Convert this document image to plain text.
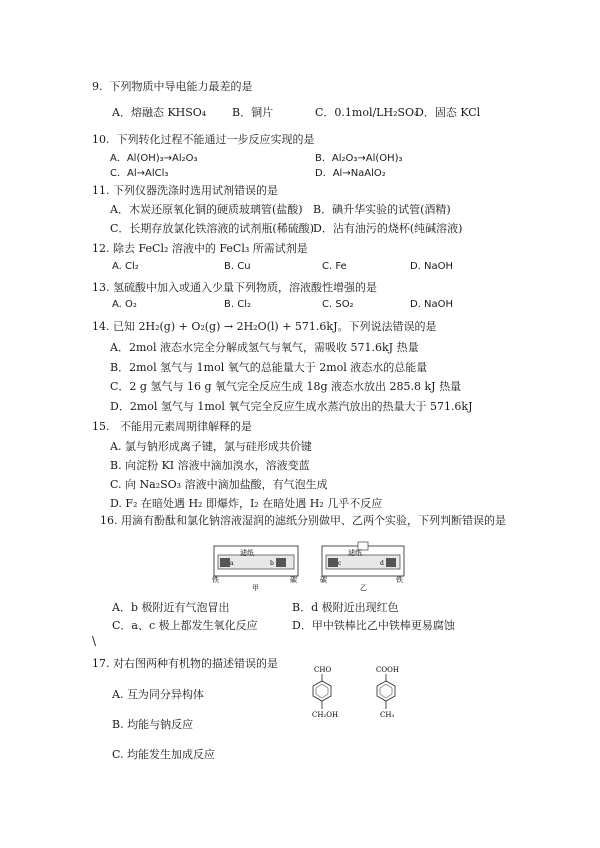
9. 下列物质中导电能力最差的是
A．熔融态 KHSO₄ B．铜片	C．0.1mol/LH₂SO₄
D．固态 KCl
10. 下列转化过程不能通过一步反应实现的是
A．Al(OH)₃→Al₂O₃	B．Al₂O₃→Al(OH)₃
C．Al→AlCl₃	D．Al→NaAlO₂
11. 下列仪器洗涤时选用试剂错误的是
A．木炭还原氧化铜的硬质玻璃管(盐酸) B．碘升华实验的试管(酒精)
C．长期存放氯化铁溶液的试剂瓶(稀硫酸) D．沾有油污的烧杯(纯碱溶液)
12. 除去 FeCl₂ 溶液中的 FeCl₃ 所需试剂是
A. Cl₂	B. Cu	C. Fe	D. NaOH
13. 氢硫酸中加入或通入少量下列物质，溶液酸性增强的是
A. O₂	B. Cl₂	C. SO₂	D. NaOH
14. 已知 2H₂(g) + O₂(g) → 2H₂O(l) + 571.6kJ。下列说法错误的是
A．2mol 液态水完全分解成氢气与氧气，需吸收 571.6kJ 热量
B．2mol 氢气与 1mol 氧气的总能量大于 2mol 液态水的总能量
C．2 g 氢气与 16 g 氧气完全反应生成 18g 液态水放出 285.8 kJ 热量
D．2mol 氢气与 1mol 氧气完全反应生成水蒸汽放出的热量大于 571.6kJ
15. 不能用元素周期律解释的是
A. 氯与钠形成离子键，氯与硅形成共价键
B. 向淀粉 KI 溶液中滴加溴水，溶液变蓝
C. 向 Na₂SO₃ 溶液中滴加盐酸，有气泡生成
D. F₂ 在暗处遇 H₂ 即爆炸，I₂ 在暗处遇 H₂ 几乎不反应
16. 用滴有酚酞和氯化钠溶液湿润的滤纸分别做甲、乙两个实验，下列判断错误的是
滤纸
a	b
铁	碳
甲
滤纸
c	d
碳	铁
乙
A．b 极附近有气泡冒出	B．d 极附近出现红色
C．a、c 极上都发生氧化反应	D．甲中铁棒比乙中铁棒更易腐蚀
\
17. 对右图两种有机物的描述错误的是
A. 互为同分异构体
B. 均能与钠反应
C. 均能发生加成反应
CHO
CH₂OH
COOH
CH₃
